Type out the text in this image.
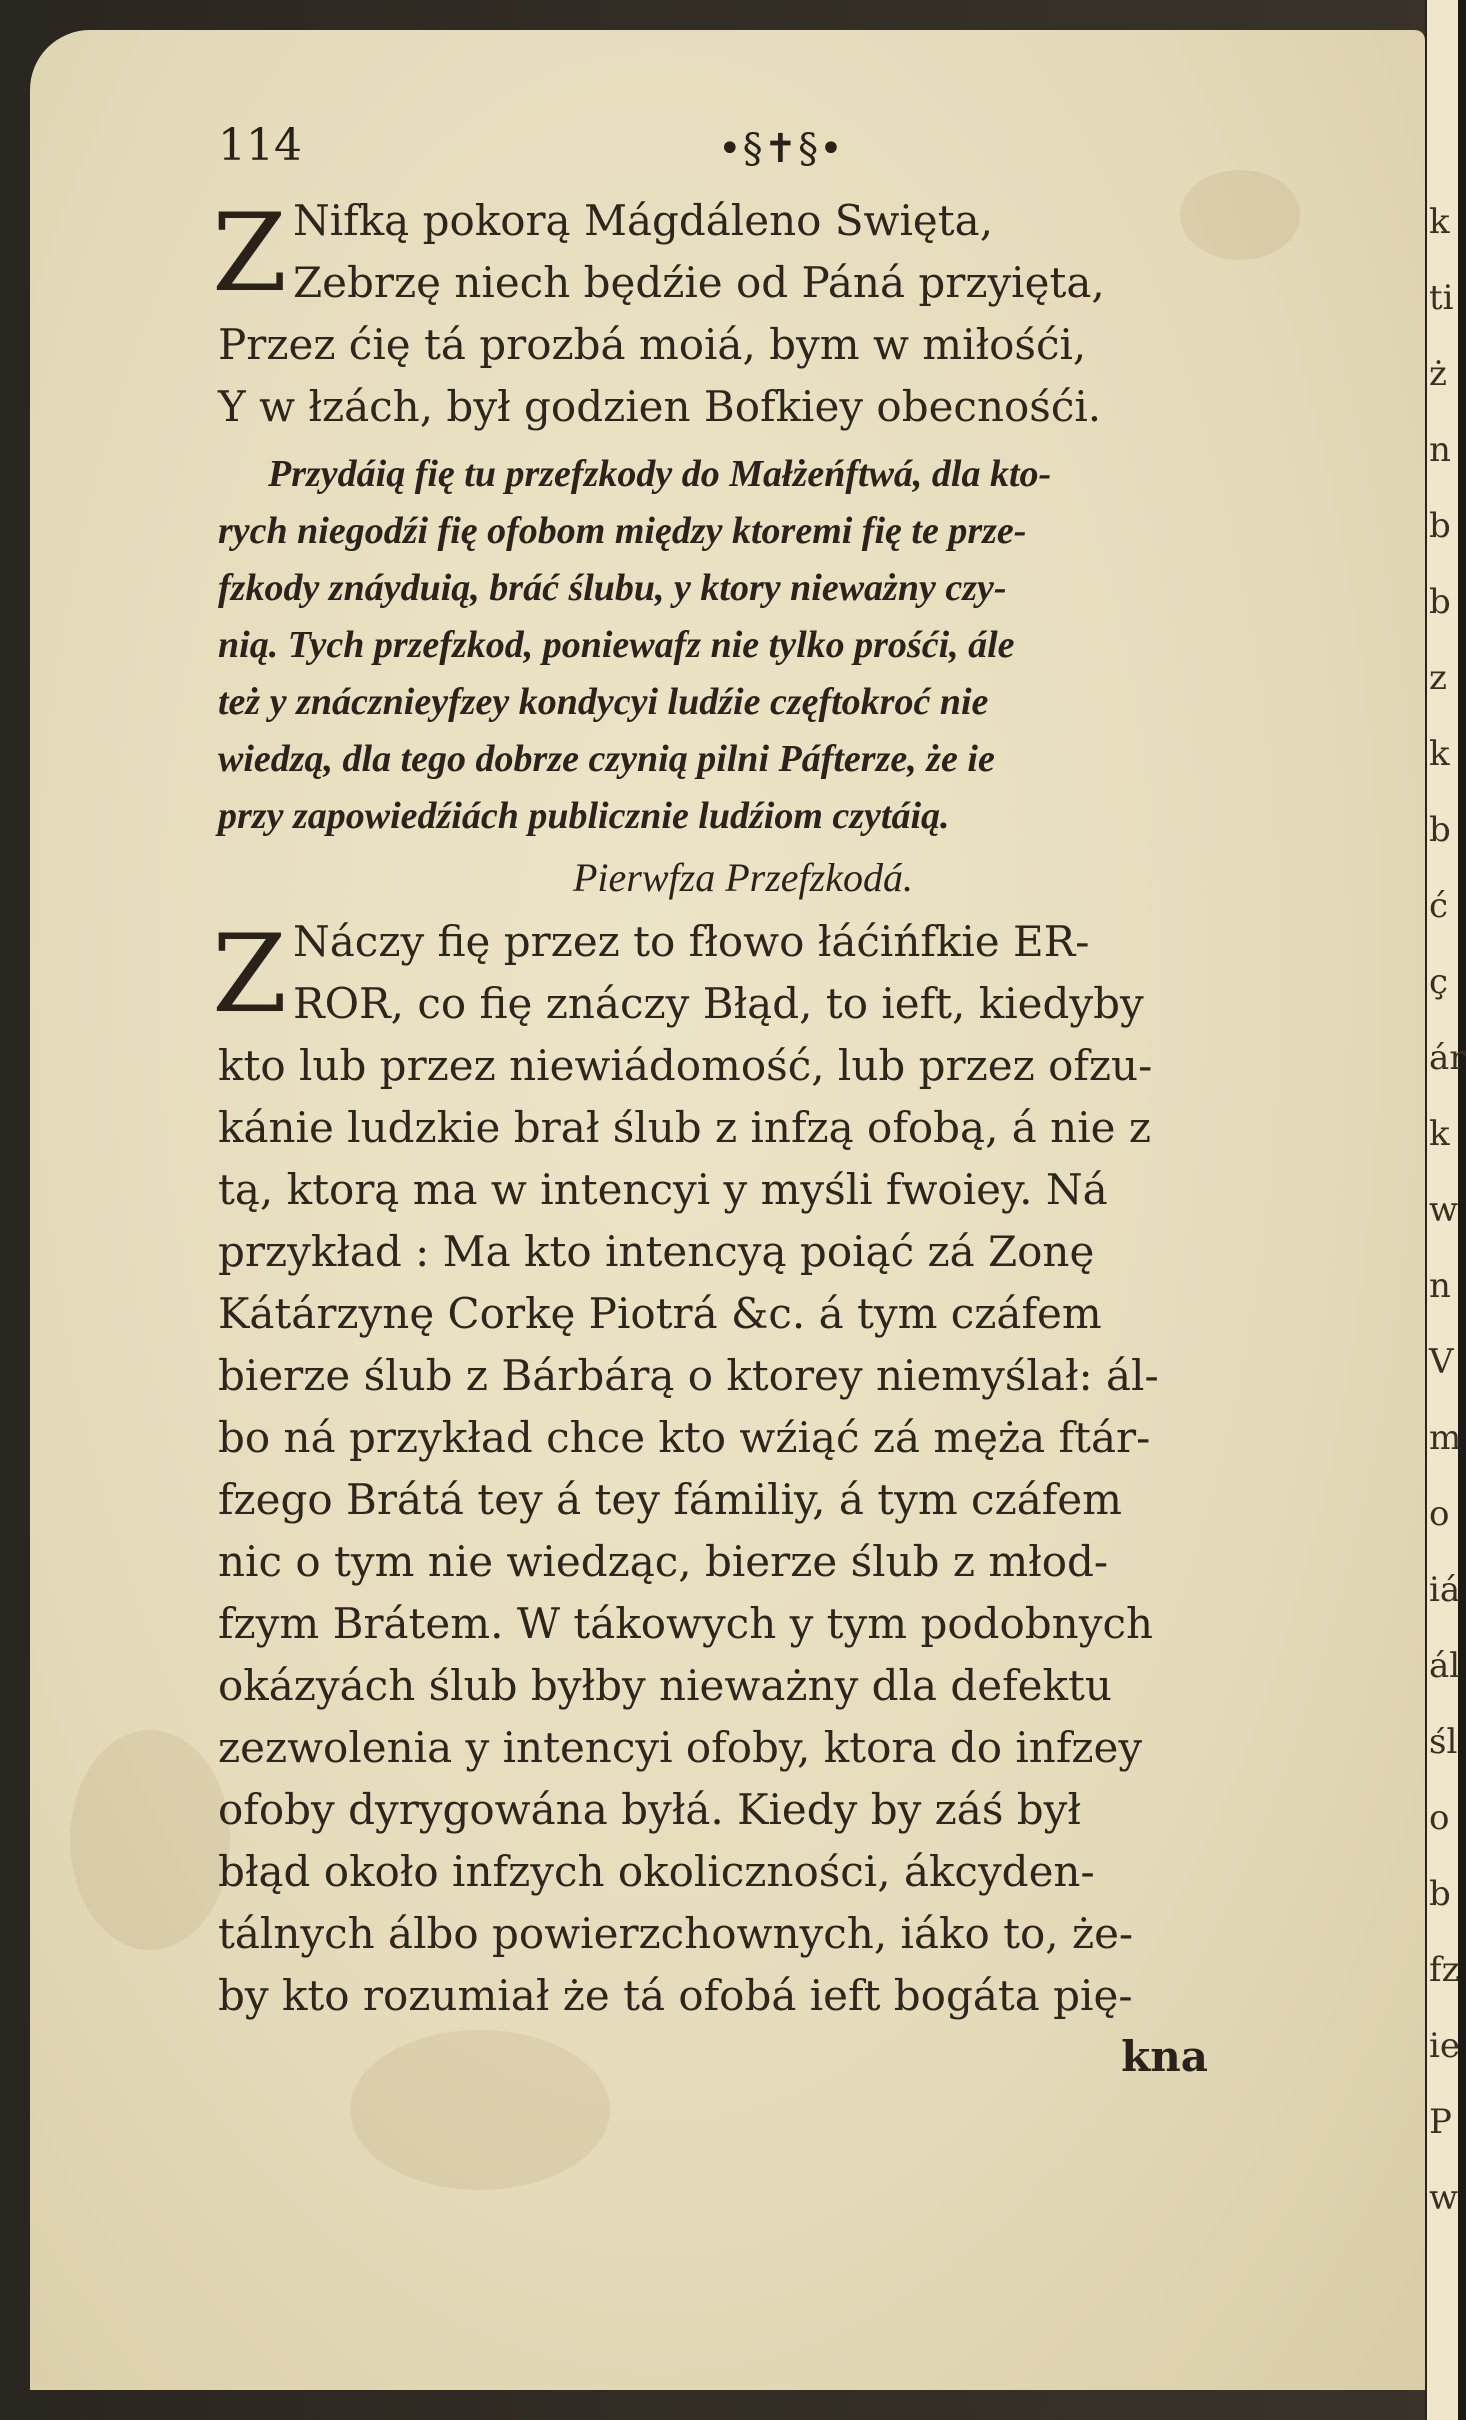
k
ti
ż
n
b
b
z
k
b
ć
ç
ár
k
w
n
V
m
o
iá
ál
śl
o
b
fz
ie
P
w
114	•§✝§•
Z Nifką pokorą Mágdáleno Swięta,
Zebrzę niech będźie od Páná przyięta,
Przez ćię tá prozbá moiá, bym w miłośći,
Y w łzách, był godzien Bofkiey obecnośći.
Przydáią fię tu przefzkody do Małżeńftwá, dla kto-
rych niegodźi fię ofobom między ktoremi fię te prze-
fzkody znáyduią, bráć ślubu, y ktory nieważny czy-
nią. Tych przefzkod, poniewafz nie tylko prośći, ále
też y znácznieyfzey kondycyi ludźie częftokroć nie
wiedzą, dla tego dobrze czynią pilni Páfterze, że ie
przy zapowiedźiách publicznie ludźiom czytáią.
Pierwfza Przefzkodá.
Z Náczy fię przez to fłowo łáćińfkie ER-
ROR, co fię znáczy Błąd, to ieft, kiedyby
kto lub przez niewiádomość, lub przez ofzu-
kánie ludzkie brał ślub z infzą ofobą, á nie z
tą, ktorą ma w intencyi y myśli fwoiey. Ná
przykład : Ma kto intencyą poiąć zá Zonę
Kátárzynę Corkę Piotrá &c. á tym czáfem
bierze ślub z Bárbárą o ktorey niemyślał: ál-
bo ná przykład chce kto wźiąć zá męża ftár-
fzego Brátá tey á tey fámiliy, á tym czáfem
nic o tym nie wiedząc, bierze ślub z młod-
fzym Brátem. W tákowych y tym podobnych
okázyách ślub byłby nieważny dla defektu
zezwolenia y intencyi ofoby, ktora do infzey
ofoby dyrygowána byłá. Kiedy by záś był
błąd około infzych okoliczności, ákcyden-
tálnych álbo powierzchownych, iáko to, że-
by kto rozumiał że tá ofobá ieft bogáta pię-
kna
